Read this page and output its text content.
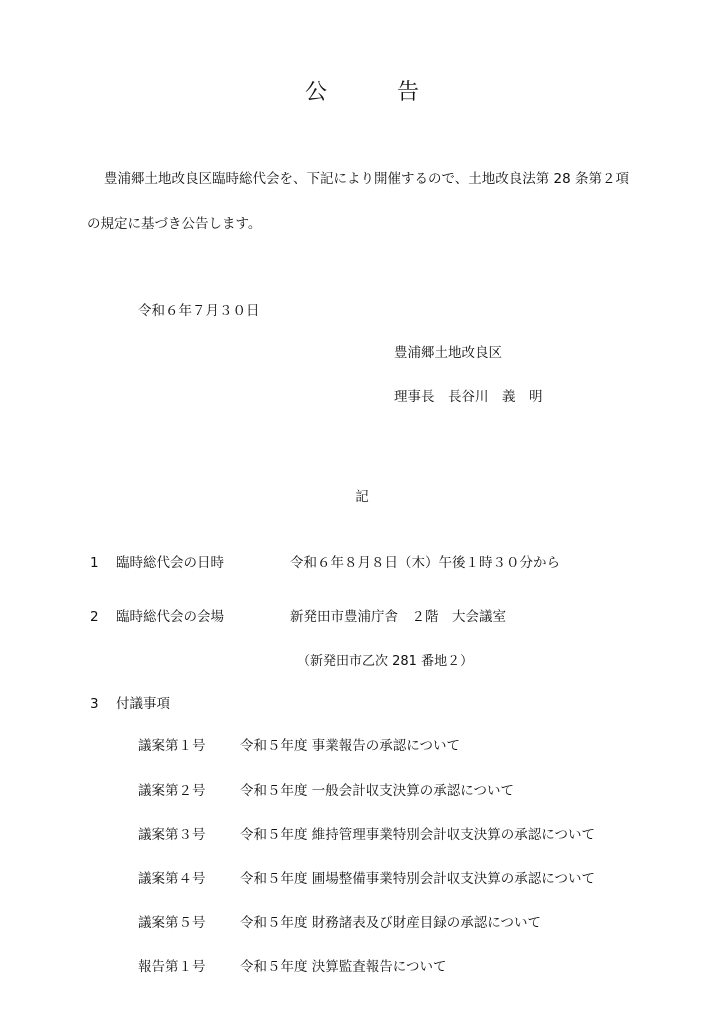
公	告
豊浦郷土地改良区臨時総代会を、下記により開催するので、土地改良法第 28 条第２項
の規定に基づき公告します。
令和６年７月３０日
豊浦郷土地改良区
理事長　長谷川　義　明
記
1 臨時総代会の日時	令和６年８月８日（木）午後１時３０分から
2 臨時総代会の会場	新発田市豊浦庁舎　２階　大会議室
（新発田市乙次 281 番地２）
3 付議事項
議案第１号	令和５年度 事業報告の承認について
議案第２号	令和５年度 一般会計収支決算の承認について
議案第３号	令和５年度 維持管理事業特別会計収支決算の承認について
議案第４号	令和５年度 圃場整備事業特別会計収支決算の承認について
議案第５号	令和５年度 財務諸表及び財産目録の承認について
報告第１号	令和５年度 決算監査報告について
